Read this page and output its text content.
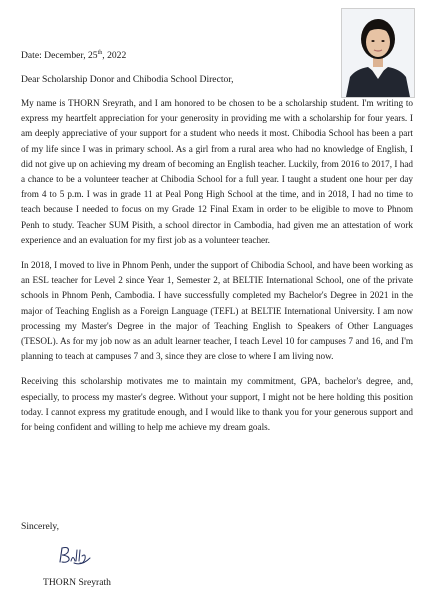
Date: December, 25th, 2022
Dear Scholarship Donor and Chibodia School Director,

My name is THORN Sreyrath, and I am honored to be chosen to be a scholarship student. I'm writing to express my heartfelt appreciation for your generosity in providing me with a scholarship for four years. I am deeply appreciative of your support for a student who needs it most. Chibodia School has been a part of my life since I was in primary school. As a girl from a rural area who had no knowledge of English, I did not give up on achieving my dream of becoming an English teacher. Luckily, from 2016 to 2017, I had a chance to be a volunteer teacher at Chibodia School for a full year. I taught a student one hour per day from 4 to 5 p.m. I was in grade 11 at Peal Pong High School at the time, and in 2018, I had no time to teach because I needed to focus on my Grade 12 Final Exam in order to be eligible to move to Phnom Penh to study. Teacher SUM Pisith, a school director in Cambodia, had given me an attestation of work experience and an evaluation for my first job as a volunteer teacher.

In 2018, I moved to live in Phnom Penh, under the support of Chibodia School, and have been working as an ESL teacher for Level 2 since Year 1, Semester 2, at BELTIE International School, one of the private schools in Phnom Penh, Cambodia. I have successfully completed my Bachelor's Degree in 2021 in the major of Teaching English as a Foreign Language (TEFL) at BELTIE International University. I am now processing my Master's Degree in the major of Teaching English to Speakers of Other Languages (TESOL). As for my job now as an adult learner teacher, I teach Level 10 for campuses 7 and 16, and I'm planning to teach at campuses 7 and 3, since they are close to where I am living now.

Receiving this scholarship motivates me to maintain my commitment, GPA, bachelor's degree, and, especially, to process my master's degree. Without your support, I might not be here holding this position today. I cannot express my gratitude enough, and I would like to thank you for your generous support and for being confident and willing to help me achieve my dream goals.

Sincerely,
THORN Sreyrath
